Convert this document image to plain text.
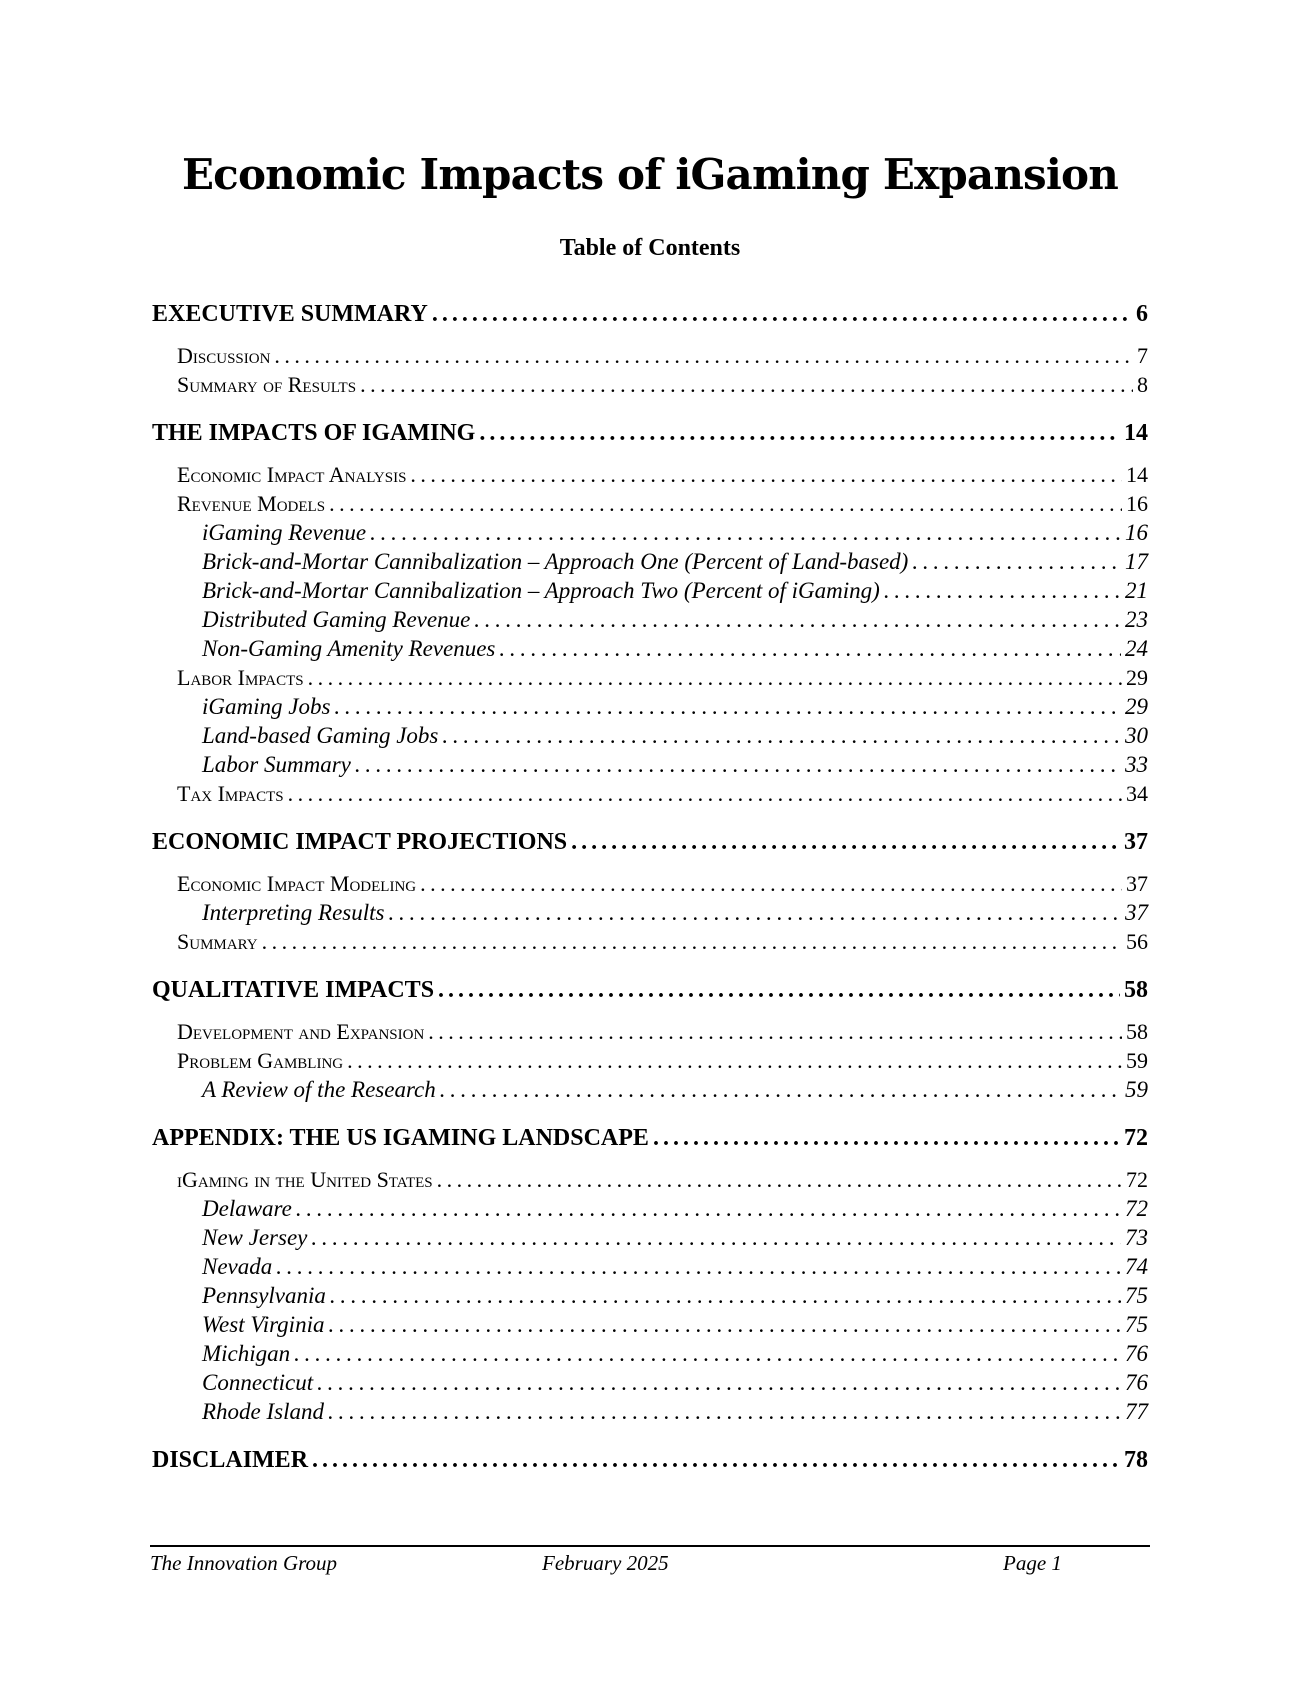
Economic Impacts of iGaming Expansion
Table of Contents
EXECUTIVE SUMMARY . . .	6
Discussion . . .	7
Summary of Results . . .	8
THE IMPACTS OF IGAMING . . .	14
Economic Impact Analysis . . .	14
Revenue Models . . .	16
iGaming Revenue . . .	16
Brick-and-Mortar Cannibalization – Approach One (Percent of Land-based) . . .	17
Brick-and-Mortar Cannibalization – Approach Two (Percent of iGaming) . . .	21
Distributed Gaming Revenue . . .	23
Non-Gaming Amenity Revenues . . .	24
Labor Impacts . . .	29
iGaming Jobs . . .	29
Land-based Gaming Jobs . . .	30
Labor Summary . . .	33
Tax Impacts . . .	34
ECONOMIC IMPACT PROJECTIONS . . .	37
Economic Impact Modeling . . .	37
Interpreting Results . . .	37
Summary . . .	56
QUALITATIVE IMPACTS . . .	58
Development and Expansion . . .	58
Problem Gambling . . .	59
A Review of the Research . . .	59
APPENDIX: THE US IGAMING LANDSCAPE . . .	72
iGaming in the United States . . .	72
Delaware . . .	72
New Jersey . . .	73
Nevada . . .	74
Pennsylvania . . .	75
West Virginia . . .	75
Michigan . . .	76
Connecticut . . .	76
Rhode Island . . .	77
DISCLAIMER . . .	78
The Innovation Group	February 2025	Page 1
